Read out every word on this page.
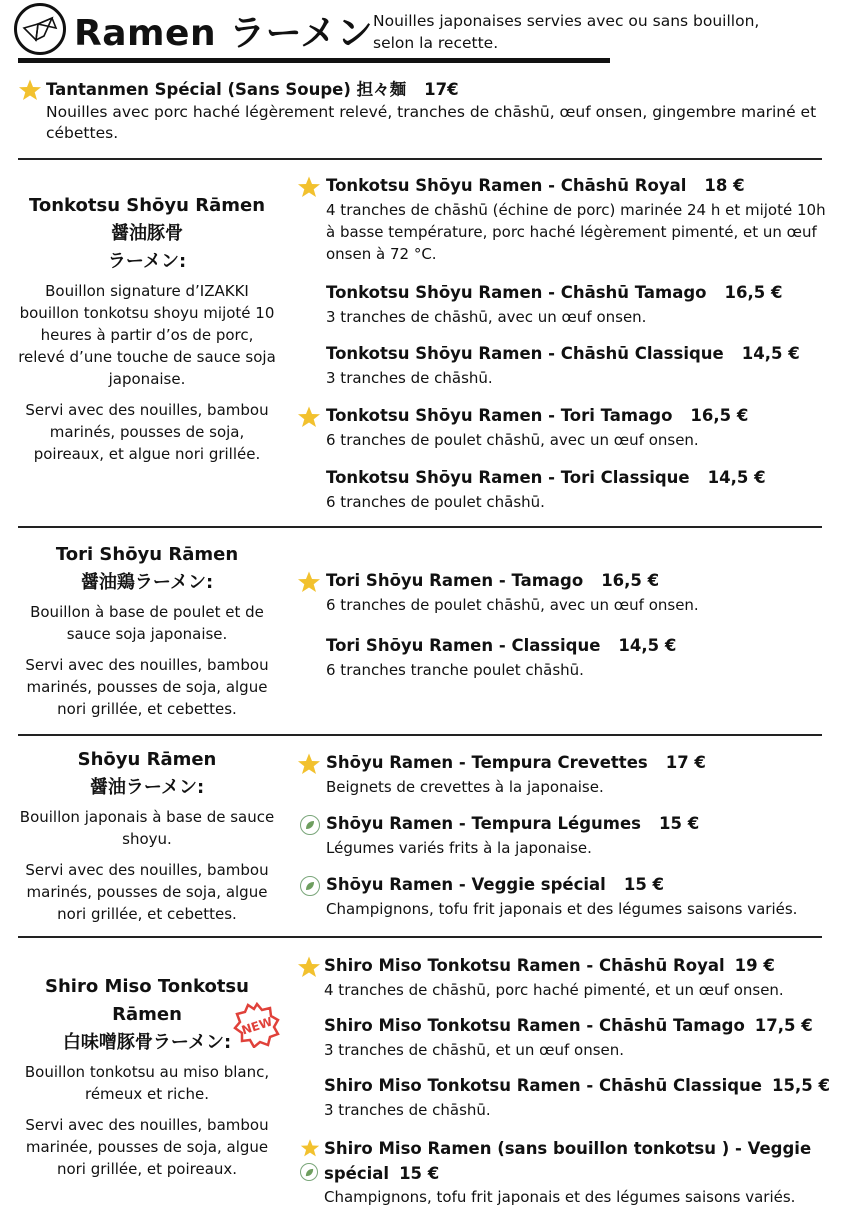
Ramen ラーメン Nouilles japonaises servies avec ou sans bouillon, selon la recette.
Tantanmen Spécial (Sans Soupe) 担々麺 17€
Nouilles avec porc haché légèrement relevé, tranches de chāshū, œuf onsen, gingembre mariné et cébettes.
Tonkotsu Shōyu Rāmen
醤油豚骨
ラーメン:
Bouillon signature d’IZAKKI bouillon tonkotsu shoyu mijoté 10 heures à partir d’os de porc, relevé d’une touche de sauce soja japonaise.
Servi avec des nouilles, bambou marinés, pousses de soja, poireaux, et algue nori grillée.
Tonkotsu Shōyu Ramen - Chāshū Royal 18 €
4 tranches de chāshū (échine de porc) marinée 24 h et mijoté 10h à basse température, porc haché légèrement pimenté, et un œuf onsen à 72 °C.
Tonkotsu Shōyu Ramen - Chāshū Tamago 16,5 €
3 tranches de chāshū, avec un œuf onsen.
Tonkotsu Shōyu Ramen - Chāshū Classique 14,5 €
3 tranches de chāshū.
Tonkotsu Shōyu Ramen - Tori Tamago 16,5 €
6 tranches de poulet chāshū, avec un œuf onsen.
Tonkotsu Shōyu Ramen - Tori Classique 14,5 €
6 tranches de poulet chāshū.
Tori Shōyu Rāmen
醤油鶏ラーメン:
Bouillon à base de poulet et de sauce soja japonaise.
Servi avec des nouilles, bambou marinés, pousses de soja, algue nori grillée, et cebettes.
Tori Shōyu Ramen - Tamago 16,5 €
6 tranches de poulet chāshū, avec un œuf onsen.
Tori Shōyu Ramen - Classique 14,5 €
6 tranches tranche poulet chāshū.
Shōyu Rāmen
醤油ラーメン:
Bouillon japonais à base de sauce shoyu.
Servi avec des nouilles, bambou marinés, pousses de soja, algue nori grillée, et cebettes.
Shōyu Ramen - Tempura Crevettes 17 €
Beignets de crevettes à la japonaise.
Shōyu Ramen - Tempura Légumes 15 €
Légumes variés frits à la japonaise.
Shōyu Ramen - Veggie spécial 15 €
Champignons, tofu frit japonais et des légumes saisons variés.
Shiro Miso Tonkotsu Rāmen
白味噌豚骨ラーメン:
Bouillon tonkotsu au miso blanc, rémeux et riche.
Servi avec des nouilles, bambou marinée, pousses de soja, algue nori grillée, et poireaux.
NEW
Shiro Miso Tonkotsu Ramen - Chāshū Royal 19 €
4 tranches de chāshū, porc haché pimenté, et un œuf onsen.
Shiro Miso Tonkotsu Ramen - Chāshū Tamago 17,5 €
3 tranches de chāshū, et un œuf onsen.
Shiro Miso Tonkotsu Ramen - Chāshū Classique 15,5 €
3 tranches de chāshū.
Shiro Miso Ramen (sans bouillon tonkotsu ) - Veggie spécial 15 €
Champignons, tofu frit japonais et des légumes saisons variés.
